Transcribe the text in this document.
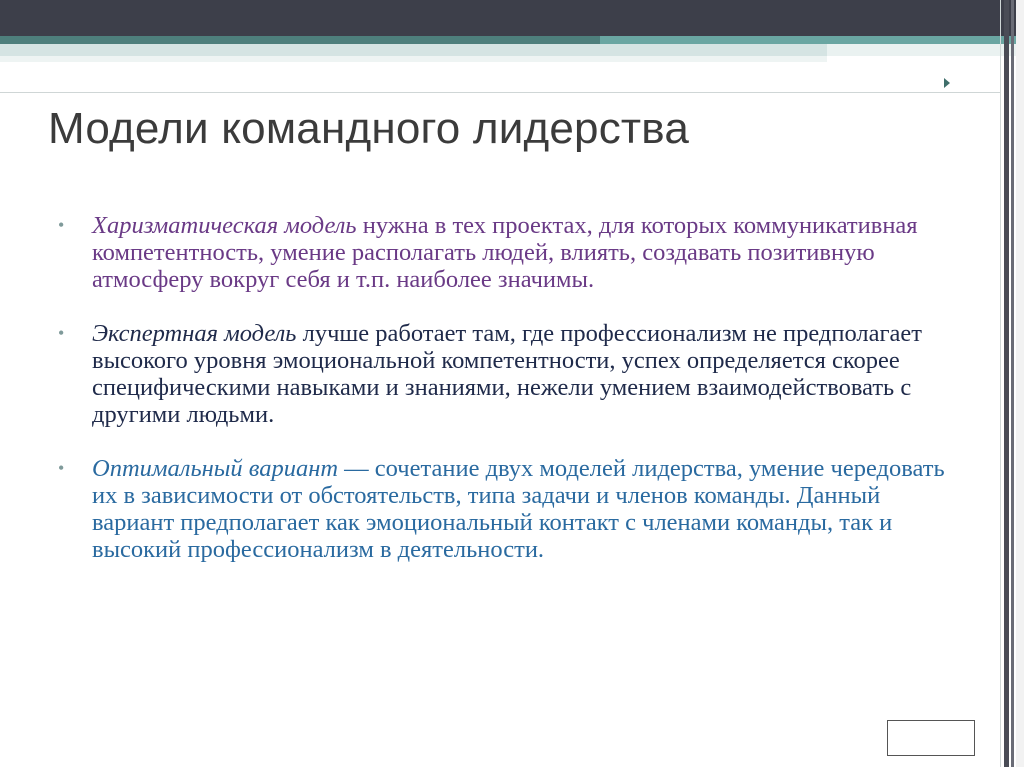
Модели командного лидерства
• Харизматическая модель нужна в тех проектах, для которых коммуникативная компетентность, умение располагать людей, влиять, создавать позитивную атмосферу вокруг себя и т.п. наиболее значимы.
• Экспертная модель лучше работает там, где профессионализм не предполагает высокого уровня эмоциональной компетентности, успех определяется скорее специфическими навыками и знаниями, нежели умением взаимодействовать с другими людьми.
• Оптимальный вариант — сочетание двух моделей лидерства, умение чередовать их в зависимости от обстоятельств, типа задачи и членов команды. Данный вариант предполагает как эмоциональный контакт с членами команды, так и высокий профессионализм в деятельности.
